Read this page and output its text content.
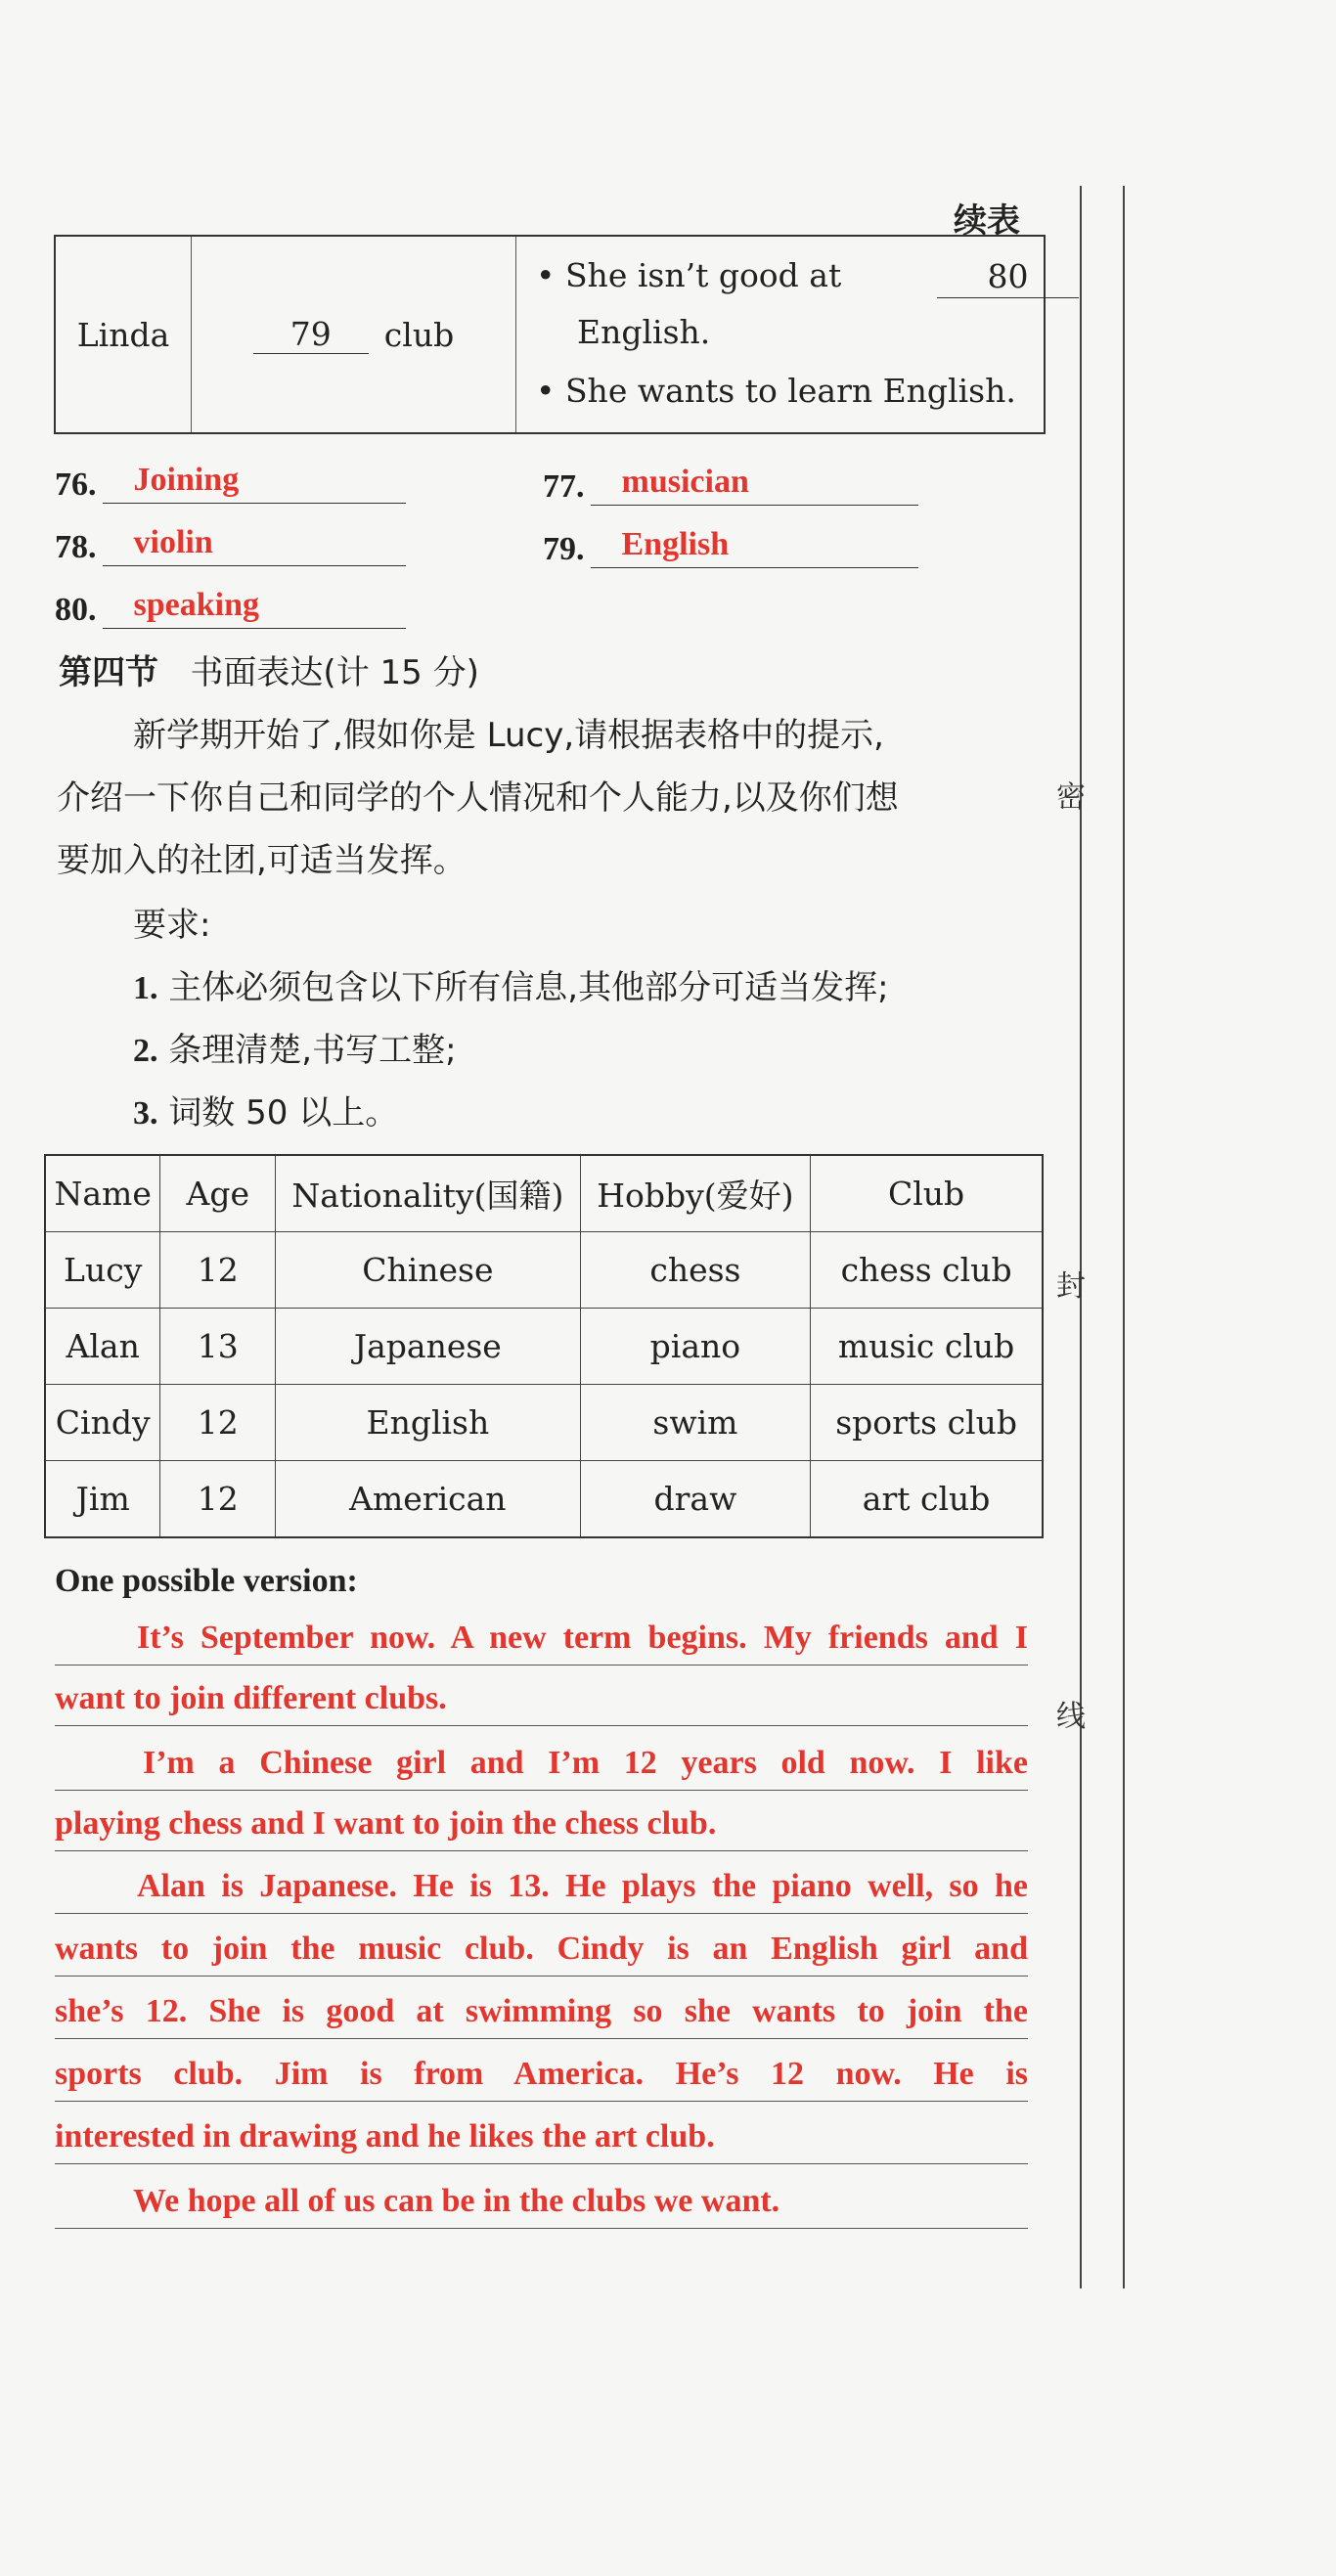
密
封
线
续表
Linda	79	club
• She isn’t good at	80
English.
• She wants to learn English.
76. Joining	77. musician
78. violin	79. English
80. speaking
第四节 书面表达(计 15 分)
新学期开始了,假如你是 Lucy,请根据表格中的提示,
介绍一下你自己和同学的个人情况和个人能力,以及你们想
要加入的社团,可适当发挥。
要求:
1. 主体必须包含以下所有信息,其他部分可适当发挥;
2. 条理清楚,书写工整;
3. 词数 50 以上。
Name	Age	Nationality(国籍)	Hobby(爱好)	Club
Lucy	12	Chinese	chess	chess club
Alan	13	Japanese	piano	music club
Cindy	12	English	swim	sports club
Jim	12	American	draw	art club
One possible version:
It’s September now. A new term begins. My friends and I
want to join different clubs.
I’m a Chinese girl and I’m 12 years old now. I like
playing chess and I want to join the chess club.
Alan is Japanese. He is 13. He plays the piano well, so he
wants to join the music club. Cindy is an English girl and
she’s 12. She is good at swimming so she wants to join the
sports club. Jim is from America. He’s 12 now. He is
interested in drawing and he likes the art club.
We hope all of us can be in the clubs we want.
